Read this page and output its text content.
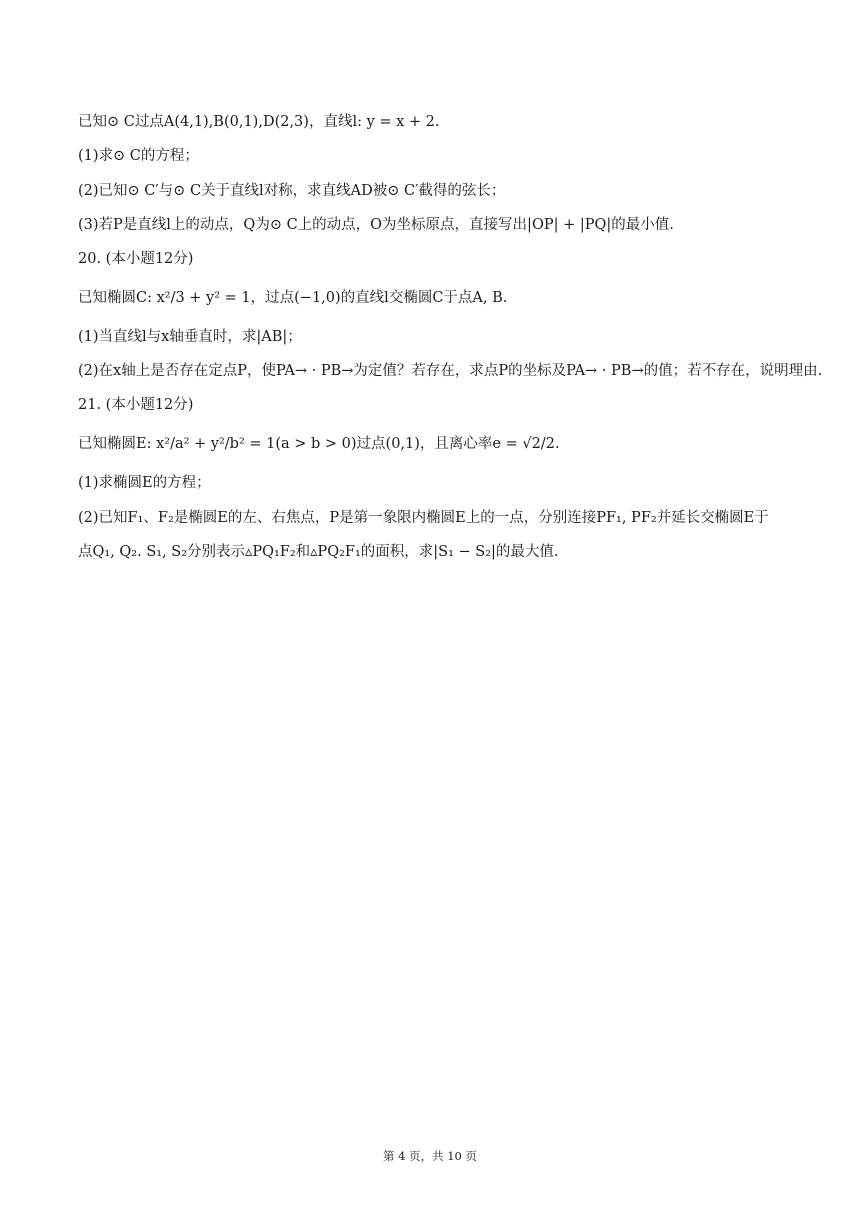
已知⊙ C过点A(4,1),B(0,1),D(2,3)，直线l: y = x + 2.
(1)求⊙ C的方程；
(2)已知⊙ C′与⊙ C关于直线l对称，求直线AD被⊙ C′截得的弦长；
(3)若P是直线l上的动点，Q为⊙ C上的动点，O为坐标原点，直接写出|OP| + |PQ|的最小值.
20. (本小题12分)
已知椭圆C: x²/3 + y² = 1，过点(−1,0)的直线l交椭圆C于点A, B.
(1)当直线l与x轴垂直时，求|AB|；
(2)在x轴上是否存在定点P，使PA→ · PB→为定值？若存在，求点P的坐标及PA→ · PB→的值；若不存在，说明理由.
21. (本小题12分)
已知椭圆E: x²/a² + y²/b² = 1(a > b > 0)过点(0,1)，且离心率e = √2/2.
(1)求椭圆E的方程；
(2)已知F₁、F₂是椭圆E的左、右焦点，P是第一象限内椭圆E上的一点，分别连接PF₁, PF₂并延长交椭圆E于
点Q₁, Q₂. S₁, S₂分别表示▵PQ₁F₂和▵PQ₂F₁的面积，求|S₁ − S₂|的最大值.
第 4 页，共 10 页
